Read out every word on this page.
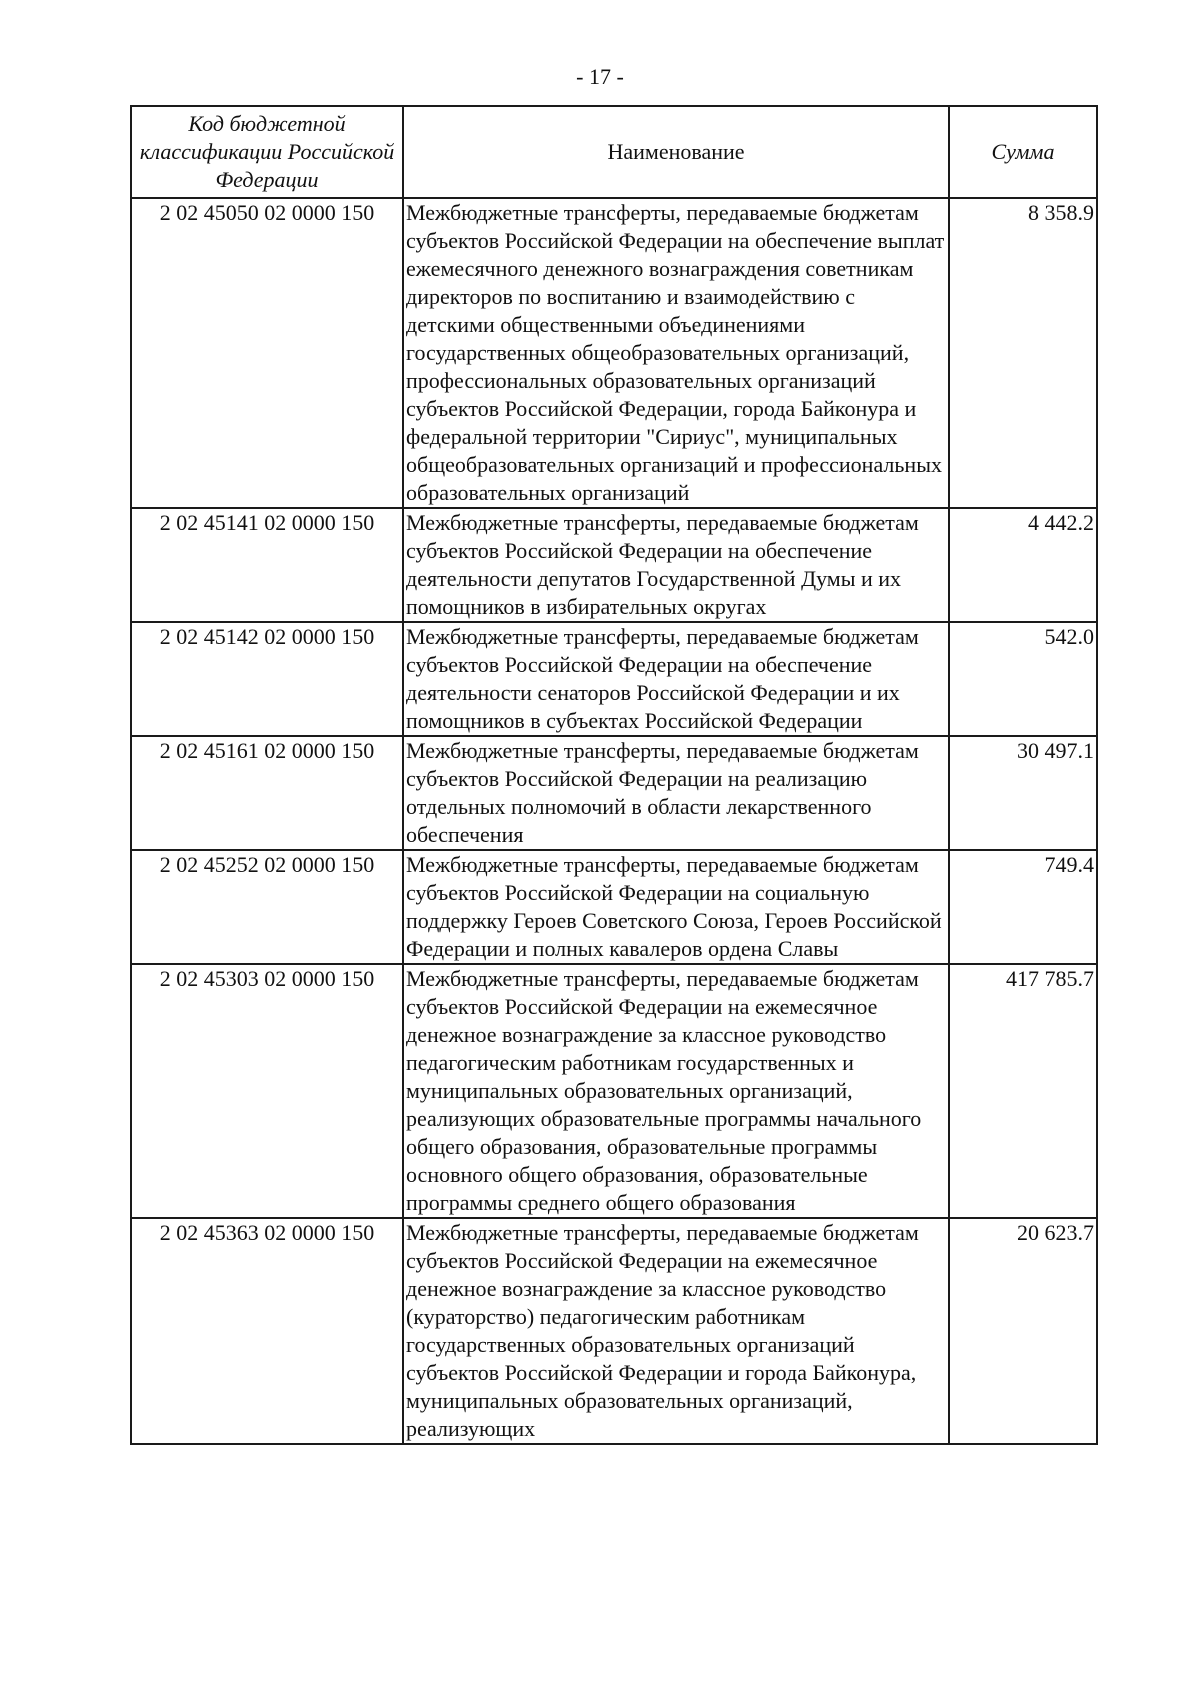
- 17 -
Код бюджетной классификации Российской Федерации	Наименование	Сумма
2 02 45050 02 0000 150	Межбюджетные трансферты, передаваемые бюджетам субъектов Российской Федерации на обеспечение выплат ежемесячного денежного вознаграждения советникам директоров по воспитанию и взаимодействию с детскими общественными объединениями государственных общеобразовательных организаций, профессиональных образовательных организаций субъектов Российской Федерации, города Байконура и федеральной территории "Сириус", муниципальных общеобразовательных организаций и профессиональных образовательных организаций	8 358.9
2 02 45141 02 0000 150	Межбюджетные трансферты, передаваемые бюджетам субъектов Российской Федерации на обеспечение деятельности депутатов Государственной Думы и их помощников в избирательных округах	4 442.2
2 02 45142 02 0000 150	Межбюджетные трансферты, передаваемые бюджетам субъектов Российской Федерации на обеспечение деятельности сенаторов Российской Федерации и их помощников в субъектах Российской Федерации	542.0
2 02 45161 02 0000 150	Межбюджетные трансферты, передаваемые бюджетам субъектов Российской Федерации на реализацию отдельных полномочий в области лекарственного обеспечения	30 497.1
2 02 45252 02 0000 150	Межбюджетные трансферты, передаваемые бюджетам субъектов Российской Федерации на социальную поддержку Героев Советского Союза, Героев Российской Федерации и полных кавалеров ордена Славы	749.4
2 02 45303 02 0000 150	Межбюджетные трансферты, передаваемые бюджетам субъектов Российской Федерации на ежемесячное денежное вознаграждение за классное руководство педагогическим работникам государственных и муниципальных образовательных организаций, реализующих образовательные программы начального общего образования, образовательные программы основного общего образования, образовательные программы среднего общего образования	417 785.7
2 02 45363 02 0000 150	Межбюджетные трансферты, передаваемые бюджетам субъектов Российской Федерации на ежемесячное денежное вознаграждение за классное руководство (кураторство) педагогическим работникам государственных образовательных организаций субъектов Российской Федерации и города Байконура, муниципальных образовательных организаций, реализующих	20 623.7
